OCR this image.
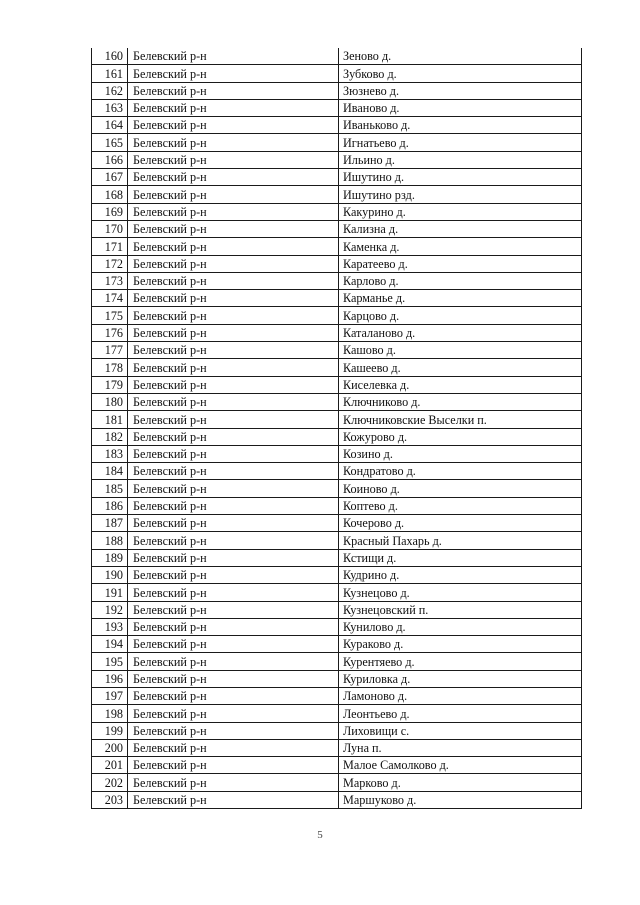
160	Белевский р-н	Зеново д.
161	Белевский р-н	Зубково д.
162	Белевский р-н	Зюзнево д.
163	Белевский р-н	Иваново д.
164	Белевский р-н	Иваньково д.
165	Белевский р-н	Игнатьево д.
166	Белевский р-н	Ильино д.
167	Белевский р-н	Ишутино д.
168	Белевский р-н	Ишутино рзд.
169	Белевский р-н	Какурино д.
170	Белевский р-н	Кализна д.
171	Белевский р-н	Каменка д.
172	Белевский р-н	Каратеево д.
173	Белевский р-н	Карлово д.
174	Белевский р-н	Карманье д.
175	Белевский р-н	Карцово д.
176	Белевский р-н	Каталаново д.
177	Белевский р-н	Кашово д.
178	Белевский р-н	Кашеево д.
179	Белевский р-н	Киселевка д.
180	Белевский р-н	Ключниково д.
181	Белевский р-н	Ключниковские Выселки п.
182	Белевский р-н	Кожурово д.
183	Белевский р-н	Козино д.
184	Белевский р-н	Кондратово д.
185	Белевский р-н	Коиново д.
186	Белевский р-н	Коптево д.
187	Белевский р-н	Кочерово д.
188	Белевский р-н	Красный Пахарь д.
189	Белевский р-н	Кстищи д.
190	Белевский р-н	Кудрино д.
191	Белевский р-н	Кузнецово д.
192	Белевский р-н	Кузнецовский п.
193	Белевский р-н	Кунилово д.
194	Белевский р-н	Кураково д.
195	Белевский р-н	Курентяево д.
196	Белевский р-н	Куриловка д.
197	Белевский р-н	Ламоново д.
198	Белевский р-н	Леонтьево д.
199	Белевский р-н	Лиховищи с.
200	Белевский р-н	Луна п.
201	Белевский р-н	Малое Самолково д.
202	Белевский р-н	Марково д.
203	Белевский р-н	Маршуково д.
5
